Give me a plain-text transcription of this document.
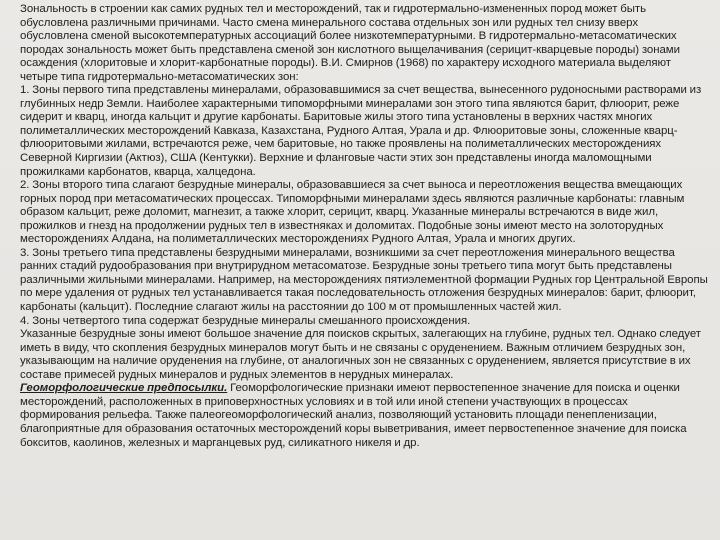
Зональность в строении как самих рудных тел и месторождений, так и гидротермально-измененных пород может быть обусловлена различными причинами. Часто смена минерального состава отдельных зон или рудных тел снизу вверх обусловлена сменой высокотемпературных ассоциаций более низкотемпературными. В гидротермально-метасоматических породах зональность может быть представлена сменой зон кислотного выщелачивания (серицит-кварцевые породы) зонами осаждения (хлоритовые и хлорит-карбонатные породы). В.И. Смирнов (1968) по характеру исходного материала выделяют четыре типа гидротермально-метасоматических зон:

1. Зоны первого типа представлены минералами, образовавшимися за счет вещества, вынесенного рудоносными растворами из глубинных недр Земли. Наиболее характерными типоморфными минералами зон этого типа являются барит, флюорит, реже сидерит и кварц, иногда кальцит и другие карбонаты. Баритовые жилы этого типа установлены в верхних частях многих полиметаллических месторождений Кавказа, Казахстана, Рудного Алтая, Урала и др. Флюоритовые зоны, сложенные кварц-флюоритовыми жилами, встречаются реже, чем баритовые, но также проявлены на полиметаллических месторождениях Северной Киргизии (Актюз), США (Кентукки). Верхние и фланговые части этих зон представлены иногда маломощными прожилками карбонатов, кварца, халцедона.

2. Зоны второго типа слагают безрудные минералы, образовавшиеся за счет выноса и переотложения вещества вмещающих горных пород при метасоматических процессах. Типоморфными минералами здесь являются различные карбонаты: главным образом кальцит, реже доломит, магнезит, а также хлорит, серицит, кварц. Указанные минералы встречаются в виде жил, прожилков и гнезд на продолжении рудных тел в известняках и доломитах. Подобные зоны имеют место на золоторудных месторождениях Алдана, на полиметаллических месторождениях Рудного Алтая, Урала и многих других.

3. Зоны третьего типа представлены безрудными минералами, возникшими за счет переотложения минерального вещества ранних стадий рудообразования при внутрирудном метасоматозе. Безрудные зоны третьего типа могут быть представлены различными жильными минералами. Например, на месторождениях пятиэлементной формации Рудных гор Центральной Европы по мере удаления от рудных тел устанавливается такая последовательность отложения безрудных минералов: барит, флюорит, карбонаты (кальцит). Последние слагают жилы на расстоянии до 100 м от промышленных частей жил.

4. Зоны четвертого типа содержат безрудные минералы смешанного происхождения.

Указанные безрудные зоны имеют большое значение для поисков скрытых, залегающих на глубине, рудных тел. Однако следует иметь в виду, что скопления безрудных минералов могут быть и не связаны с оруденением. Важным отличием безрудных зон, указывающим на наличие оруденения на глубине, от аналогичных зон не связанных с оруденением, является присутствие в их составе примесей рудных минералов и рудных элементов в нерудных минералах.

Геоморфологические предпосылки. Геоморфологические признаки имеют первостепенное значение для поиска и оценки месторождений, расположенных в приповерхностных условиях и в той или иной степени участвующих в процессах формирования рельефа. Также палеогеоморфологический анализ, позволяющий установить площади пенепленизации, благоприятные для образования остаточных месторождений коры выветривания, имеет первостепенное значение для поиска бокситов, каолинов, железных и марганцевых руд, силикатного никеля и др.
